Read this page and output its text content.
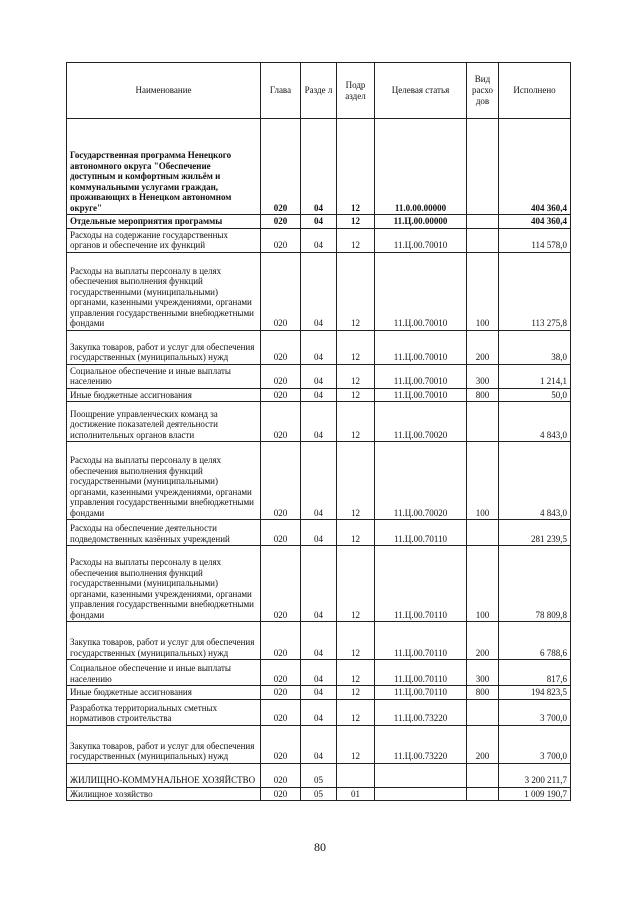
Наименование	Глава	Разде л	Подр аздел	Целевая статья	Вид расхо дов	Исполнено
Государственная программа Ненецкого автономного округа "Обеспечение доступным и комфортным жильём и коммунальными услугами граждан, проживающих в Ненецком автономном округе"	020	04	12	11.0.00.00000		404 360,4
Отдельные мероприятия программы	020	04	12	11.Ц.00.00000		404 360,4
Расходы на содержание государственных органов и обеспечение их функций	020	04	12	11.Ц.00.70010		114 578,0
Расходы на выплаты персоналу в целях обеспечения выполнения функций государственными (муниципальными) органами, казенными учреждениями, органами управления государственными внебюджетными фондами	020	04	12	11.Ц.00.70010	100	113 275,8
Закупка товаров, работ и услуг для обеспечения государственных (муниципальных) нужд	020	04	12	11.Ц.00.70010	200	38,0
Социальное обеспечение и иные выплаты населению	020	04	12	11.Ц.00.70010	300	1 214,1
Иные бюджетные ассигнования	020	04	12	11.Ц.00.70010	800	50,0
Поощрение управленческих команд за достижение показателей деятельности исполнительных органов власти	020	04	12	11.Ц.00.70020		4 843,0
Расходы на выплаты персоналу в целях обеспечения выполнения функций государственными (муниципальными) органами, казенными учреждениями, органами управления государственными внебюджетными фондами	020	04	12	11.Ц.00.70020	100	4 843,0
Расходы на обеспечение деятельности подведомственных казённых учреждений	020	04	12	11.Ц.00.70110		281 239,5
Расходы на выплаты персоналу в целях обеспечения выполнения функций государственными (муниципальными) органами, казенными учреждениями, органами управления государственными внебюджетными фондами	020	04	12	11.Ц.00.70110	100	78 809,8
Закупка товаров, работ и услуг для обеспечения государственных (муниципальных) нужд	020	04	12	11.Ц.00.70110	200	6 788,6
Социальное обеспечение и иные выплаты населению	020	04	12	11.Ц.00.70110	300	817,6
Иные бюджетные ассигнования	020	04	12	11.Ц.00.70110	800	194 823,5
Разработка территориальных сметных нормативов строительства	020	04	12	11.Ц.00.73220		3 700,0
Закупка товаров, работ и услуг для обеспечения государственных (муниципальных) нужд	020	04	12	11.Ц.00.73220	200	3 700,0
ЖИЛИЩНО-КОММУНАЛЬНОЕ ХОЗЯЙСТВО	020	05				3 200 211,7
Жилищное хозяйство	020	05	01			1 009 190,7
80
